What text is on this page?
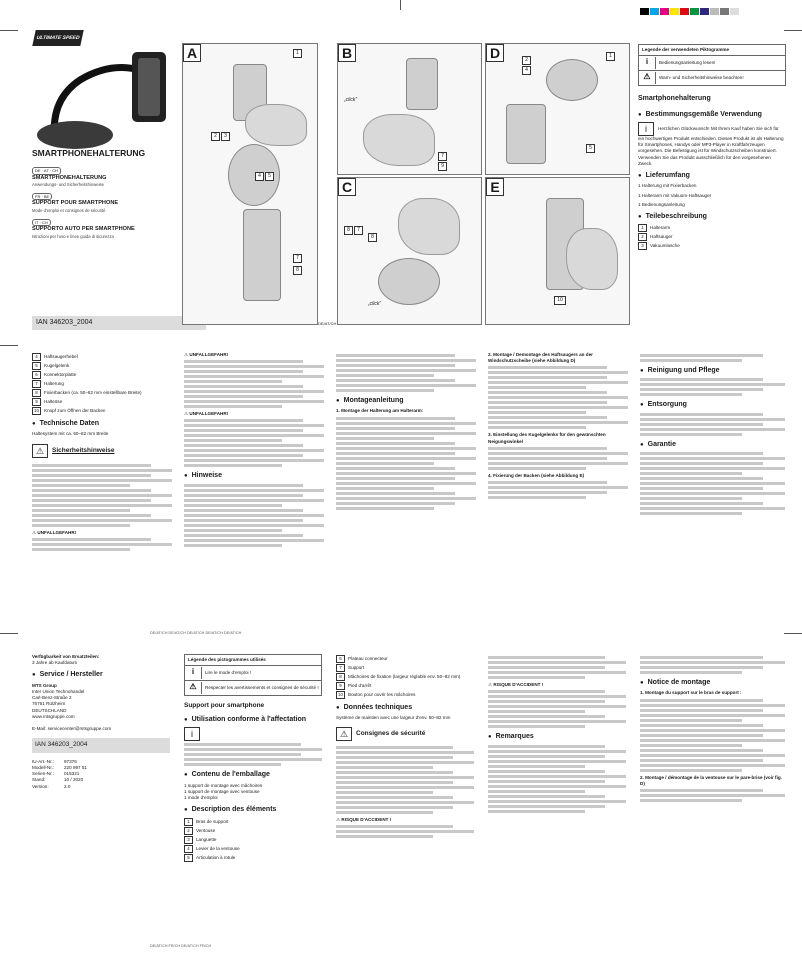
ULTIMATE SPEED
SMARTPHONEHALTERUNG
DE · AT · CH
SMARTPHONEHALTERUNG
Anwendungs- und Sicherheitshinweise
FR · BE
SUPPORT POUR SMARTPHONE
Mode d'emploi et consignes de sécurité
IT · CH
SUPPORTO AUTO PER SMARTPHONE
Istruzioni per l'uso e linee guida di sicurezza
IAN 346203_2004	DE/AT/CH
A	1
2	3
4	5
7
8
B
„click“
7
9
C
8	7
8
„click“
D	2
4
1
5
E
10
Legende der verwendeten Piktogramme
i	Bedienungsanleitung lesen!
⚠	Warn- und Sicherheitshinweise beachten!
Smartphonehalterung
● Bestimmungsgemäße Verwendung
i Herzlichen Glückwunsch! Mit Ihrem Kauf haben Sie sich für ein hochwertiges Produkt entschieden. Dieses Produkt ist als Halterung für Smartphones, Handys oder MP3-Player in Kraftfahrzeugen vorgesehen. Die Befestigung ist für Windschutzscheiben konstruiert. Verwenden Sie das Produkt ausschließlich für den vorgesehenen Zweck.
● Lieferumfang
1 Halterung mit Fixierbacken
1 Halterarm mit Vakuum-Haftsauger
1 Bedienungsanleitung
● Teilebeschreibung
1	Halterarm
2	Haftsauger
3	Vakuumlasche
4	Haftsaugerhebel
5	Kugelgelenk
6	Konnektorplatte
7	Halterung
8	Fixierbacken (ca. 50–82 mm einstellbare Breite)
9	Halteöse
10	Knopf zum Öffnen der Backen
● Technische Daten
Haltesystem mit ca. 50–82 mm Breite
⚠ Sicherheitshinweise
⚠ UNFALLGEFAHR!
⚠ UNFALLGEFAHR!
⚠ UNFALLGEFAHR!
● Hinweise
● Montageanleitung
1. Montage der Halterung am Halterarm:
2. Montage / Demontage des Haftsaugers an der Windschutzscheibe (siehe Abbildung D)
3. Einstellung des Kugelgelenks für den gewünschten Neigungswinkel
4. Fixierung der Backen (siehe Abbildung E)
● Reinigung und Pflege
● Entsorgung
● Garantie
DE/AT/CH DE/AT/CH DE/AT/CH DE/AT/CH DE/AT/CH
Verfügbarkeit von Ersatzteilen:
3 Jahre ab Kaufdatum
● Service / Hersteller
MTS Group
Inter Union Technohandel
Carl-Benz-Straße 2
76761 Rülzheim
DEUTSCHLAND
www.mtsgruppe.com
E-Mail: servicecenter@mtsgruppe.com
IAN 346203_2004
IU-Art.-Nr.:	97376
Modell-Nr.:	220 997 51
Serien-Nr.:	015321
Stand:	10 / 2020
Version:	2.0
Légende des pictogrammes utilisés
i	Lire le mode d'emploi !
⚠	Respecter les avertissements et consignes de sécurité !
Support pour smartphone
● Utilisation conforme à l'affectation
i
● Contenu de l'emballage
1 support de montage avec mâchoires
1 support de montage avec ventouse
1 mode d'emploi
● Description des éléments
1	Bras de support
2	Ventouse
3	Languette
4	Levier de la ventouse
5	Articulation à rotule
6	Plateau connecteur
7	Support
8	Mâchoires de fixation (largeur réglable env. 50–82 mm)
9	Pied d'arrêt
10	Bouton pour ouvrir les mâchoires
● Données techniques
Système de maintien avec une largeur d'env. 50–82 mm
⚠ Consignes de sécurité
⚠ RISQUE D'ACCIDENT !
⚠ RISQUE D'ACCIDENT !
● Remarques
● Notice de montage
1. Montage du support sur le bras de support :
2. Montage / démontage de la ventouse sur le pare-brise (voir fig. D)
DE/AT/CH FR/CH DE/AT/CH FR/CH
